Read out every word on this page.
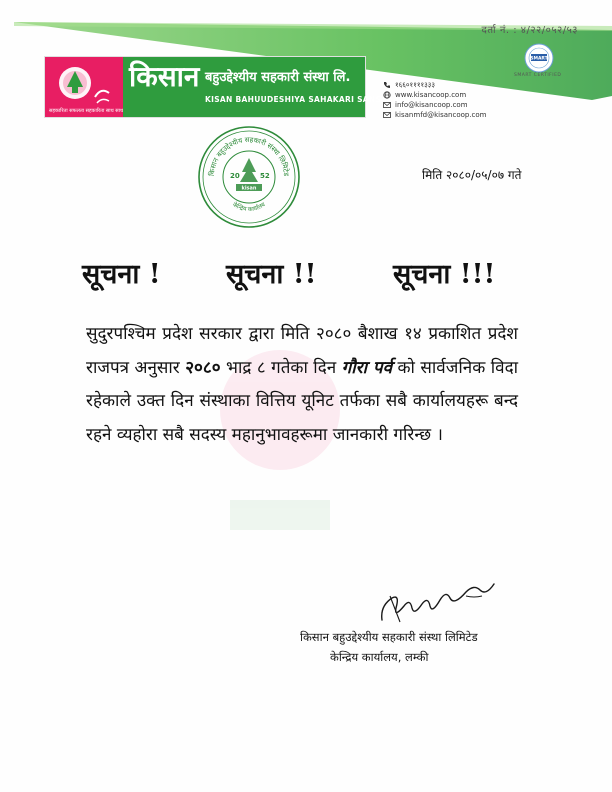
दर्ता नं. : ४/२२/०५२/५३
सहकारिता सफलता सहकारिता साथ साथ
किसान बहुउद्देश्यीय सहकारी संस्था लि.
KISAN BAHUUDESHIYA SAHAKARI SANSTHA LTD.
१६६०११११३३३
www.kisancoop.com
info@kisancoop.com
kisanmfd@kisancoop.com
SMART
SMART CERTIFIED
किसान बहुउद्देश्यीय सहकारी संस्था लिमिटेड
केन्द्रिय कार्यालय
20	52
kisan
मिति २०८०/०५/०७ गते
सूचना ! सूचना !!	सूचना !!!

सुदुरपश्चिम प्रदेश सरकार द्वारा मिति २०८० बैशाख १४ प्रकाशित प्रदेश राजपत्र अनुसार २०८० भाद्र ८ गतेका दिन गौरा पर्व को सार्वजनिक विदा रहेकाले उक्त दिन संस्थाका वित्तिय यूनिट तर्फका सबै कार्यालयहरू बन्द रहने व्यहोरा सबै सदस्य महानुभावहरूमा जानकारी गरिन्छ ।

किसान बहुउद्देश्यीय सहकारी संस्था लिमिटेड
केन्द्रिय कार्यालय, लम्की
